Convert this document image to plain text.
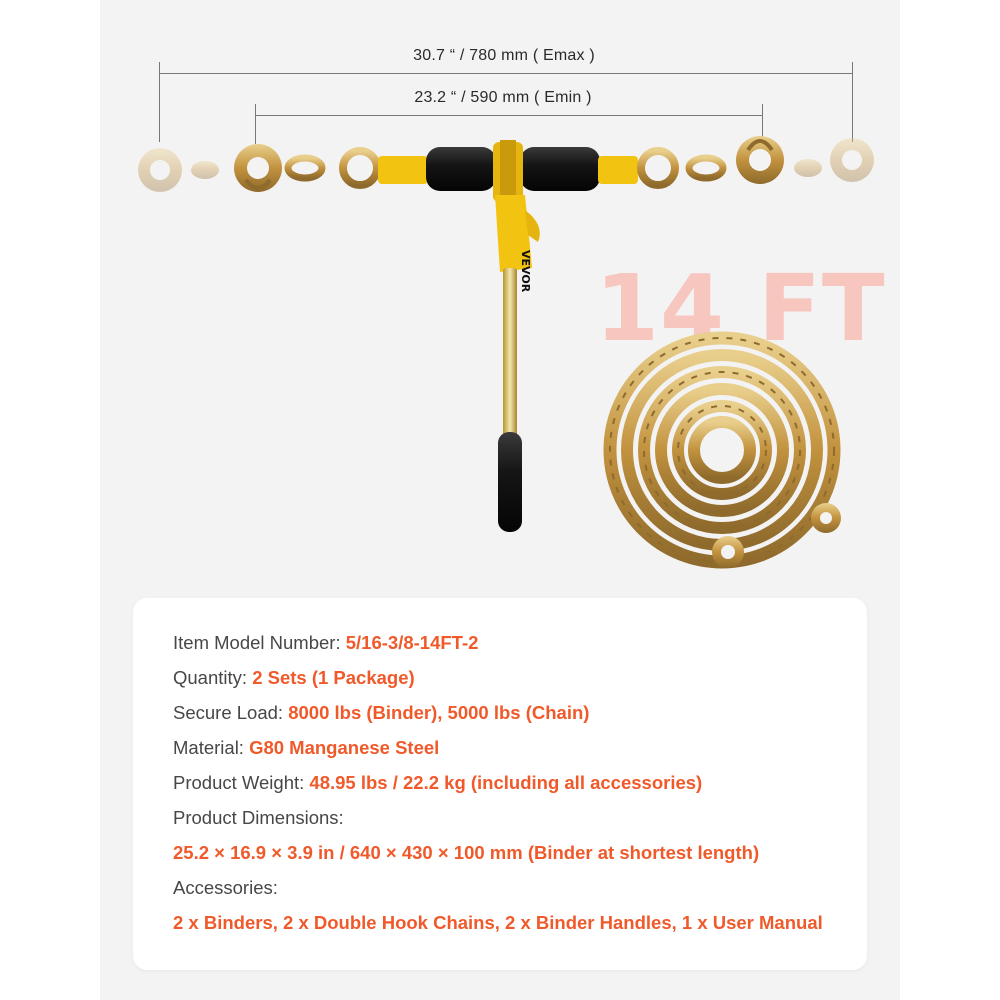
30.7 “ / 780 mm ( Emax )
23.2 “ / 590 mm ( Emin )
14 FT
VEVOR
Item Model Number: 5/16-3/8-14FT-2
Quantity: 2 Sets (1 Package)
Secure Load: 8000 lbs (Binder), 5000 lbs (Chain)
Material: G80 Manganese Steel
Product Weight: 48.95 lbs / 22.2 kg (including all accessories)
Product Dimensions:
25.2 × 16.9 × 3.9 in / 640 × 430 × 100 mm (Binder at shortest length)
Accessories:
2 x Binders, 2 x Double Hook Chains, 2 x Binder Handles, 1 x User Manual
